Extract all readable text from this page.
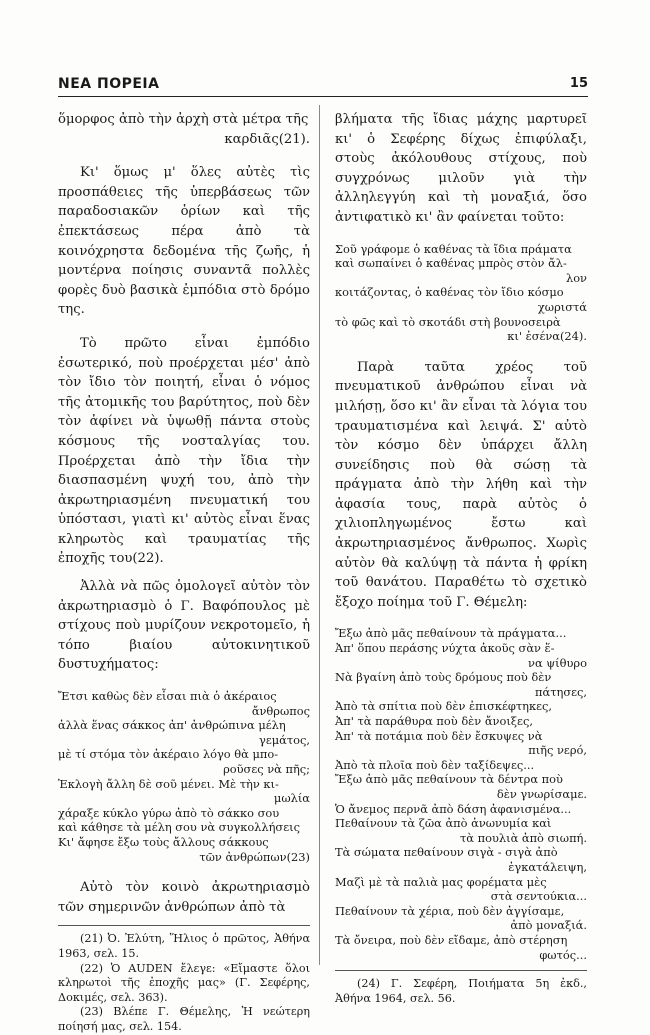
ΝΕΑ ΠΟΡΕΙΑ	15

ὅμορφος ἀπὸ τὴν ἀρχὴ στὰ μέτρα τῆς

καρδιᾶς(21).

Κι' ὅμως μ' ὅλες αὐτὲς τὶς προσπάθειες τῆς ὑπερβάσεως τῶν παραδοσιακῶν ὁρίων καὶ τῆς ἐπεκτάσεως πέρα ἀπὸ τὰ κοινόχρηστα δεδομένα τῆς ζωῆς, ἡ μοντέρνα ποίησις συναντᾶ πολλὲς φορὲς δυὸ βασικὰ ἐμπόδια στὸ δρόμο της.

Τὸ πρῶτο εἶναι ἐμπόδιο ἐσωτερικό, ποὺ προέρχεται μέσ' ἀπὸ τὸν ἴδιο τὸν ποιητή, εἶναι ὁ νόμος τῆς ἀτομικῆς του βαρύτητος, ποὺ δὲν τὸν ἀφίνει νὰ ὑψωθῇ πάντα στοὺς κόσμους τῆς νοσταλγίας του. Προέρχεται ἀπὸ τὴν ἴδια τὴν διασπασμένη ψυχή του, ἀπὸ τὴν ἀκρωτηριασμένη πνευματική του ὑπόστασι, γιατὶ κι' αὐτὸς εἶναι ἕνας κληρωτὸς καὶ τραυματίας τῆς ἐποχῆς του(22).

Ἀλλὰ νὰ πῶς ὁμολογεῖ αὐτὸν τὸν ἀκρωτηριασμὸ ὁ Γ. Βαφόπουλος μὲ στίχους ποὺ μυρίζουν νεκροτομεῖο, ἡ τόπο βιαίου αὐτοκινητικοῦ δυστυχήματος:

Ἔτσι καθὼς δὲν εἶσαι πιὰ ὁ ἀκέραιος
ἄνθρωπος
ἀλλὰ ἕνας σάκκος ἀπ' ἀνθρώπινα μέλη
γεμάτος,
μὲ τί στόμα τὸν ἀκέραιο λόγο θὰ μπο-
ροῦσες νὰ πῆς;
Ἐκλογὴ ἄλλη δὲ σοῦ μένει. Μὲ τὴν κι-
μωλία
χάραξε κύκλο γύρω ἀπὸ τὸ σάκκο σου
καὶ κάθησε τὰ μέλη σου νὰ συγκολλήσεις
Κι' ἄφησε ἔξω τοὺς ἄλλους σάκκους
τῶν ἀνθρώπων(23)

Αὐτὸ τὸν κοινὸ ἀκρωτηριασμὸ τῶν σημερινῶν ἀνθρώπων ἀπὸ τὰ

(21) Ὀ. Ἐλύτη, Ἥλιος ὁ πρῶτος, Ἀθήνα 1963, σελ. 15.

(22) Ὁ AUDEN ἔλεγε: «Εἴμαστε ὅλοι κληρωτοὶ τῆς ἐποχῆς μας» (Γ. Σεφέρης, Δοκιμές, σελ. 363).

(23) Βλέπε Γ. Θέμελης, Ἡ νεώτερη ποίησή μας, σελ. 154.

βλήματα τῆς ἴδιας μάχης μαρτυρεῖ κι' ὁ Σεφέρης δίχως ἐπιφύλαξι, στοὺς ἀκόλουθους στίχους, ποὺ συγχρόνως μιλοῦν γιὰ τὴν ἀλληλεγγύη καὶ τὴ μοναξιά, ὅσο ἀντιφατικὸ κι' ἂν φαίνεται τοῦτο:

Σοῦ γράφομε ὁ καθένας τὰ ἴδια πράματα
καὶ σωπαίνει ὁ καθένας μπρὸς στὸν ἄλ-
λον
κοιτάζοντας, ὁ καθένας τὸν ἴδιο κόσμο
χωριστά
τὸ φῶς καὶ τὸ σκοτάδι στὴ βουνοσειρὰ
κι' ἐσένα(24).

Παρὰ ταῦτα χρέος τοῦ πνευματικοῦ ἀνθρώπου εἶναι νὰ μιλήσῃ, ὅσο κι' ἂν εἶναι τὰ λόγια του τραυματισμένα καὶ λειψά. Σ' αὐτὸ τὸν κόσμο δὲν ὑπάρχει ἄλλη συνείδησις ποὺ θὰ σώσῃ τὰ πράγματα ἀπὸ τὴν λήθη καὶ τὴν ἀφασία τους, παρὰ αὐτὸς ὁ χιλιοπληγωμένος ἔστω καὶ ἀκρωτηριασμένος ἄνθρωπος. Χωρὶς αὐτὸν θὰ καλύψῃ τὰ πάντα ἡ φρίκη τοῦ θανάτου. Παραθέτω τὸ σχετικὸ ἔξοχο ποίημα τοῦ Γ. Θέμελη:

Ἔξω ἀπὸ μᾶς πεθαίνουν τὰ πράγματα...
Ἀπ' ὅπου περάσης νύχτα ἀκοῦς σὰν ἕ-
να ψίθυρο
Νὰ βγαίνη ἀπὸ τοὺς δρόμους ποὺ δὲν
πάτησες,
Ἀπὸ τὰ σπίτια ποὺ δὲν ἐπισκέφτηκες,
Ἀπ' τὰ παράθυρα ποὺ δὲν ἄνοιξες,
Ἀπ' τὰ ποτάμια ποὺ δὲν ἔσκυψες νὰ
πιῆς νερό,
Ἀπὸ τὰ πλοῖα ποὺ δὲν ταξίδεψες...
Ἔξω ἀπὸ μᾶς πεθαίνουν τὰ δέντρα ποὺ
δὲν γνωρίσαμε.
Ὁ ἄνεμος περνᾶ ἀπὸ δάση ἀφανισμένα...
Πεθαίνουν τὰ ζῶα ἀπὸ ἀνωνυμία καὶ
τὰ πουλιὰ ἀπὸ σιωπή.
Τὰ σώματα πεθαίνουν σιγὰ - σιγὰ ἀπὸ
ἐγκατάλειψη,
Μαζὶ μὲ τὰ παλιὰ μας φορέματα μὲς
στὰ σεντούκια...
Πεθαίνουν τὰ χέρια, ποὺ δὲν ἀγγίσαμε,
ἀπὸ μοναξιά.
Τὰ ὄνειρα, ποὺ δὲν εἴδαμε, ἀπὸ στέρηση
φωτός...

(24) Γ. Σεφέρη, Ποιήματα 5η ἐκδ., Ἀθήνα 1964, σελ. 56.
